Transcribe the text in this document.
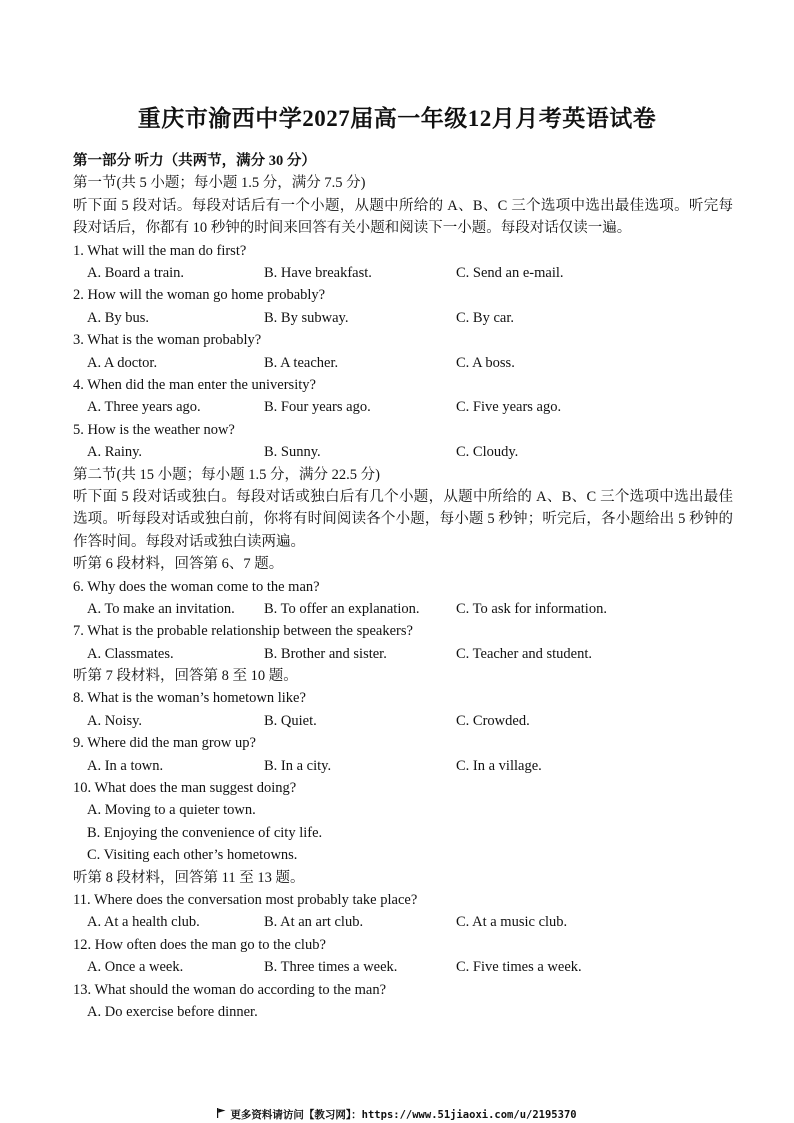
重庆市渝西中学2027届高一年级12月月考英语试卷
第一部分 听力（共两节，满分 30 分）
第一节(共 5 小题；每小题 1.5 分，满分 7.5 分)
听下面 5 段对话。每段对话后有一个小题，从题中所给的 A、B、C 三个选项中选出最佳选项。听完每段对话后，你都有 10 秒钟的时间来回答有关小题和阅读下一小题。每段对话仅读一遍。
1. What will the man do first?
A. Board a train.	B. Have breakfast.	C. Send an e-mail.
2. How will the woman go home probably?
A. By bus.	B. By subway.	C. By car.
3. What is the woman probably?
A. A doctor.	B. A teacher.	C. A boss.
4. When did the man enter the university?
A. Three years ago.	B. Four years ago.	C. Five years ago.
5. How is the weather now?
A. Rainy.	B. Sunny.	C. Cloudy.
第二节(共 15 小题；每小题 1.5 分，满分 22.5 分)
听下面 5 段对话或独白。每段对话或独白后有几个小题，从题中所给的 A、B、C 三个选项中选出最佳选项。听每段对话或独白前，你将有时间阅读各个小题，每小题 5 秒钟；听完后，各小题给出 5 秒钟的 作答时间。每段对话或独白读两遍。
听第 6 段材料，回答第 6、7 题。
6. Why does the woman come to the man?
A. To make an invitation. B. To offer an explanation.	C. To ask for information.
7. What is the probable relationship between the speakers?
A. Classmates.	B. Brother and sister.	C. Teacher and student.
听第 7 段材料，回答第 8 至 10 题。
8. What is the woman’s hometown like?
A. Noisy.	B. Quiet.	C. Crowded.
9. Where did the man grow up?
A. In a town.	B. In a city.	C. In a village.
10. What does the man suggest doing?
A. Moving to a quieter town.
B. Enjoying the convenience of city life.
C. Visiting each other’s hometowns.
听第 8 段材料，回答第 11 至 13 题。
11. Where does the conversation most probably take place?
A. At a health club.	B. At an art club.	C. At a music club.
12. How often does the man go to the club?
A. Once a week.	B. Three times a week.	C. Five times a week.
13. What should the woman do according to the man?
A. Do exercise before dinner.
更多资料请访问【教习网】：https://www.51jiaoxi.com/u/2195370
